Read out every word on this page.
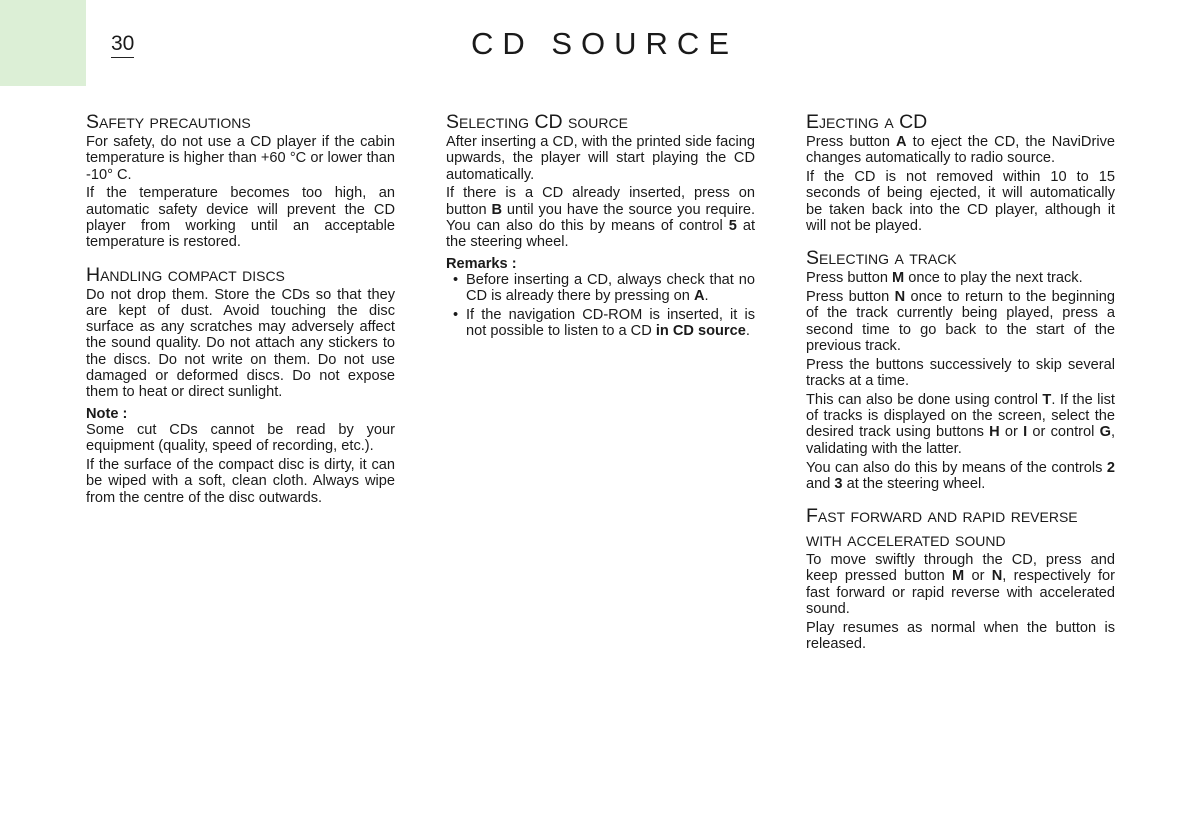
30	CD SOURCE
Safety precautions

For safety, do not use a CD player if the cabin temperature is higher than +60 °C or lower than -10° C.

If the temperature becomes too high, an automatic safety device will prevent the CD player from working until an acceptable temperature is restored.

Handling compact discs

Do not drop them. Store the CDs so that they are kept of dust. Avoid touching the disc surface as any scratches may adversely affect the sound quality. Do not attach any stickers to the discs. Do not write on them. Do not use damaged or deformed discs. Do not expose them to heat or direct sunlight.

Note :

Some cut CDs cannot be read by your equipment (quality, speed of recording, etc.).

If the surface of the compact disc is dirty, it can be wiped with a soft, clean cloth. Always wipe from the centre of the disc outwards.

Selecting CD source

After inserting a CD, with the printed side facing upwards, the player will start playing the CD automatically.

If there is a CD already inserted, press on button B until you have the source you require. You can also do this by means of control 5 at the steering wheel.

Remarks :
• Before inserting a CD, always check that no CD is already there by pressing on A.
• If the navigation CD-ROM is inserted, it is not possible to listen to a CD in CD source.
Ejecting a CD

Press button A to eject the CD, the NaviDrive changes automatically to radio source.

If the CD is not removed within 10 to 15 seconds of being ejected, it will automatically be taken back into the CD player, although it will not be played.

Selecting a track

Press button M once to play the next track.

Press button N once to return to the beginning of the track currently being played, press a second time to go back to the start of the previous track.

Press the buttons successively to skip several tracks at a time.

This can also be done using control T. If the list of tracks is displayed on the screen, select the desired track using buttons H or I or control G, validating with the latter.

You can also do this by means of the controls 2 and 3 at the steering wheel.

Fast forward and rapid reverse
with accelerated sound

To move swiftly through the CD, press and keep pressed button M or N, respectively for fast forward or rapid reverse with accelerated sound.

Play resumes as normal when the button is released.
